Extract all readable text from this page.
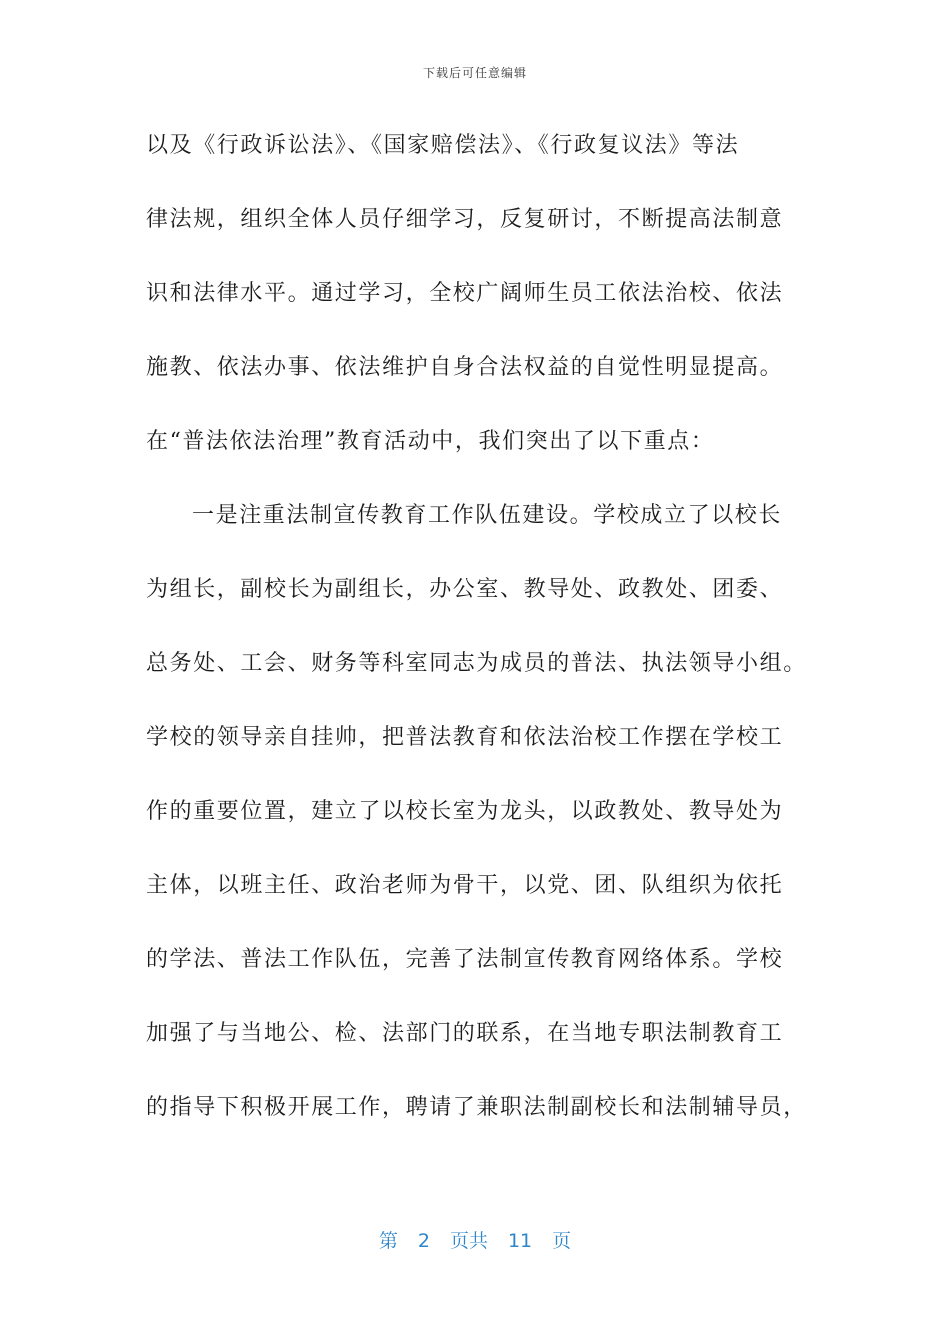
下载后可任意编辑
以及《行政诉讼法》、《国家赔偿法》、《行政复议法》等法
律法规，组织全体人员仔细学习，反复研讨，不断提高法制意
识和法律水平。通过学习，全校广阔师生员工依法治校、依法
施教、依法办事、依法维护自身合法权益的自觉性明显提高。
在“普法依法治理”教育活动中，我们突出了以下重点：
一是注重法制宣传教育工作队伍建设。学校成立了以校长
为组长，副校长为副组长，办公室、教导处、政教处、团委、
总务处、工会、财务等科室同志为成员的普法、执法领导小组。
学校的领导亲自挂帅，把普法教育和依法治校工作摆在学校工
作的重要位置，建立了以校长室为龙头，以政教处、教导处为
主体，以班主任、政治老师为骨干，以党、团、队组织为依托
的学法、普法工作队伍，完善了法制宣传教育网络体系。学校
加强了与当地公、检、法部门的联系，在当地专职法制教育工
的指导下积极开展工作，聘请了兼职法制副校长和法制辅导员，
第 2 页共 11 页
